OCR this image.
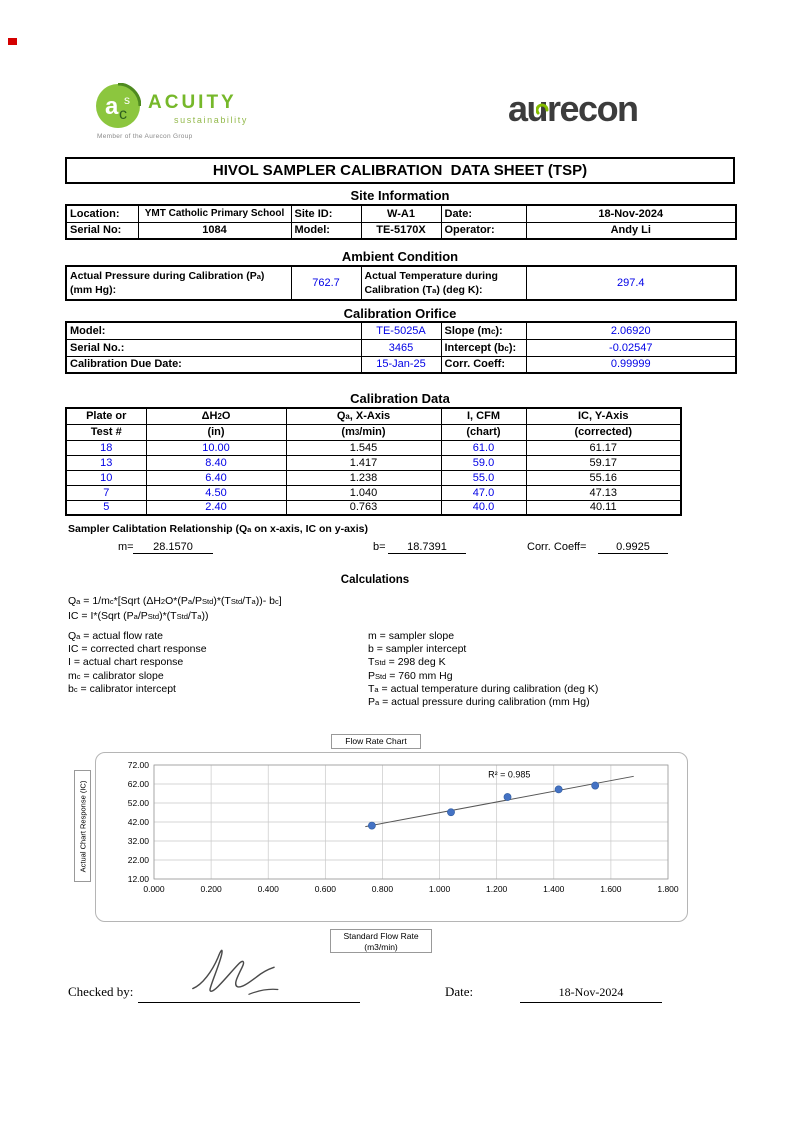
a c
s ACUITY
sustainability
Member of the Aurecon Group
aurecon
HIVOL SAMPLER CALIBRATION  DATA SHEET (TSP)
Site Information
Location:	YMT Catholic Primary School	Site ID:	W-A1	Date:	18-Nov-2024
Serial No:	1084	Model:	TE-5170X	Operator:	Andy Li
Ambient Condition
Actual Pressure during Calibration $(P_a)$
(mm Hg):	762.7	Actual Temperature during
Calibration $(T_a)$ (deg K):	297.4
Calibration Orifice
Model:	TE-5025A	Slope $(m_c)$:	2.06920
Serial No.:	3465	Intercept $(b_c)$:	-0.02547
Calibration Due Date:	15-Jan-25	Corr. Coeff:	0.99999
Calibration Data
Plate or	$\Delta H_2O$	$Q_a$, X-Axis	I, CFM	IC, Y-Axis
Test #	(in)	$(m^3/\min)$	(chart)	(corrected)
18	10.00	1.545	61.0	61.17
13	8.40	1.417	59.0	59.17
10	6.40	1.238	55.0	55.16
7	4.50	1.040	47.0	47.13
5	2.40	0.763	40.0	40.11
Sampler Calibtation Relationship ($Q_a$ on x-axis, IC on y-axis)
m=	28.1570	b=	18.7391	Corr. Coeff=	0.9925
Calculations
$Q_a$ = $1/m_c*[Sqrt$ $(\Delta H_2O*(P_a/P_{Std})*(T_{Std}/T_a))-$ $b_c$]
IC = I*(Sqrt $(P_a/P_{Std})*(T_{Std}/T_a)$)
$Q_a$ = actual flow rate
IC = corrected chart response
I = actual chart response
$m_c$ = calibrator slope
$b_c$ = calibrator intercept
m = sampler slope
b = sampler intercept
$T_{Std} = 298$ deg K
$P_{Std} = 760$ mm Hg
$T_a$ = actual temperature during calibration (deg K)
$P_a$ = actual pressure during calibration (mm Hg)
Flow Rate Chart
0.000	0.200	0.400	0.600	0.800	1.000	1.200	1.400	1.600	1.800
12.00
22.00
32.00
42.00
52.00
62.00
72.00
R² = 0.985
Actual Chart Response (IC)
Standard Flow Rate
(m3/min)
Checked by:	Date:	18-Nov-2024
